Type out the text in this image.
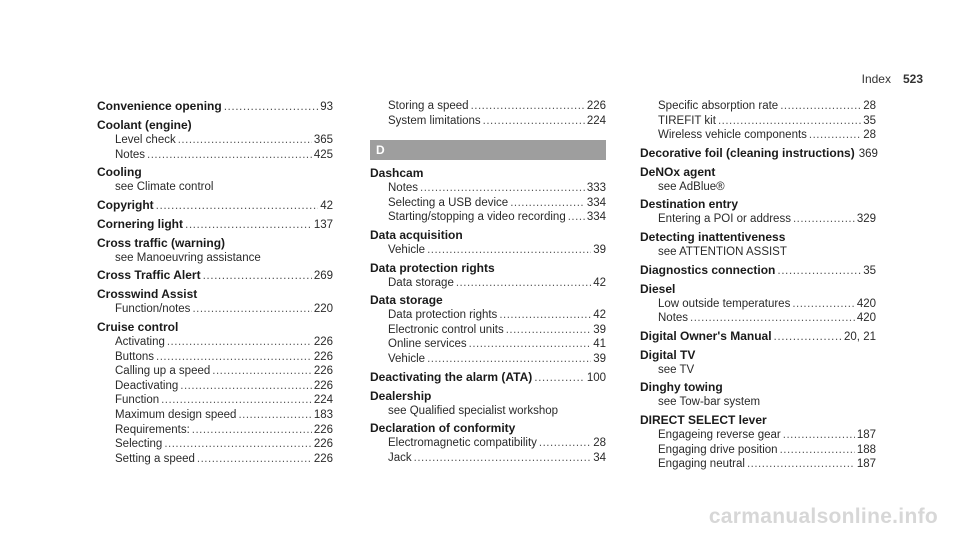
Index 523
Convenience opening .....	93
Coolant (engine)
Level check .....	365
Notes .....	425
Cooling
see Climate control
Copyright .....	42
Cornering light .....	137
Cross traffic (warning)
see Manoeuvring assistance
Cross Traffic Alert .....	269
Crosswind Assist
Function/notes .....	220
Cruise control
Activating .....	226
Buttons .....	226
Calling up a speed .....	226
Deactivating .....	226
Function .....	224
Maximum design speed .....	183
Requirements: .....	226
Selecting .....	226
Setting a speed .....	226
Storing a speed .....	226
System limitations .....	224
D
Dashcam
Notes .....	333
Selecting a USB device .....	334
Starting/stopping a video recording ..... 334
Data acquisition
Vehicle .....	39
Data protection rights
Data storage .....	42
Data storage
Data protection rights .....	42
Electronic control units .....	39
Online services .....	41
Vehicle .....	39
Deactivating the alarm (ATA) .....	100
Dealership
see Qualified specialist workshop
Declaration of conformity
Electromagnetic compatibility .....	28
Jack .....	34
Specific absorption rate .....	28
TIREFIT kit .....	35
Wireless vehicle components .....	28
Decorative foil (cleaning instructions) 369
DeNOx agent
see AdBlue®
Destination entry
Entering a POI or address .....	329
Detecting inattentiveness
see ATTENTION ASSIST
Diagnostics connection .....	35
Diesel
Low outside temperatures .....	420
Notes .....	420
Digital Owner's Manual .....	20, 21
Digital TV
see TV
Dinghy towing
see Tow-bar system
DIRECT SELECT lever
Engageing reverse gear .....	187
Engaging drive position .....	188
Engaging neutral .....	187
carmanualsonline.info
